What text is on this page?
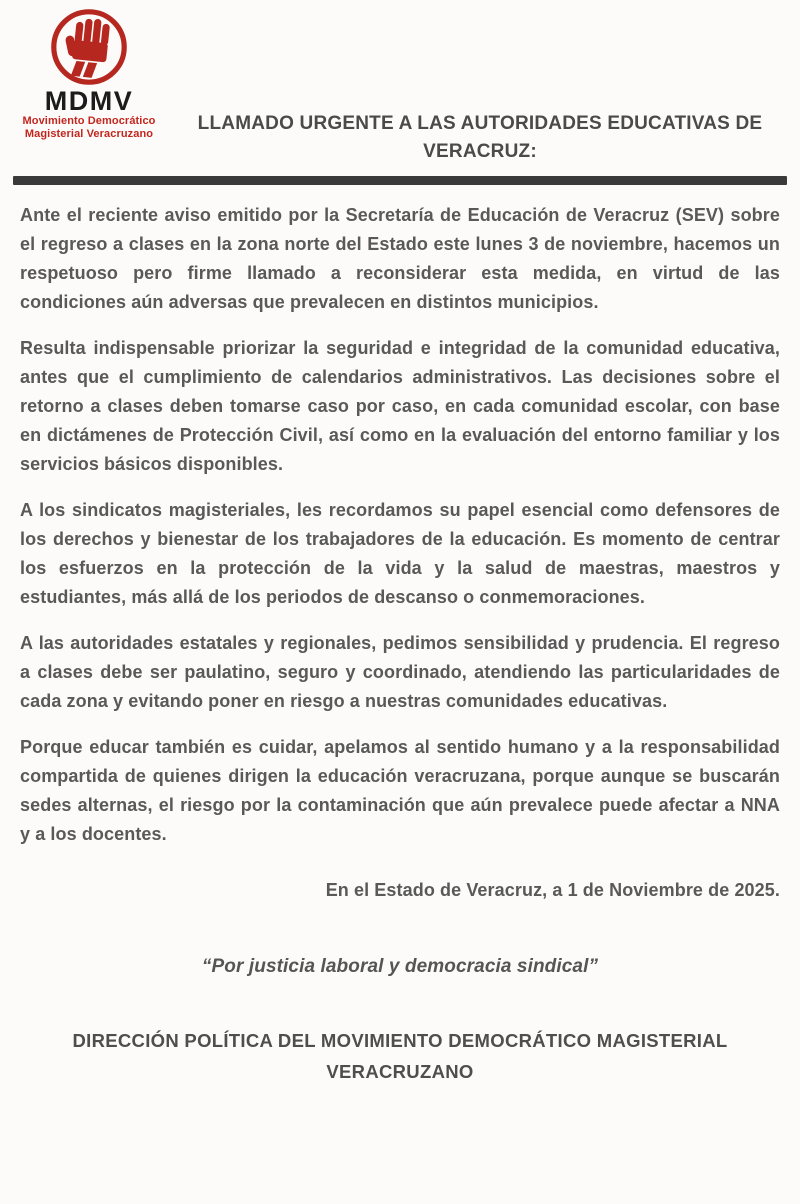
MDMV
Movimiento Democrático
Magisterial Veracruzano	LLAMADO URGENTE A LAS AUTORIDADES EDUCATIVAS DE VERACRUZ:

Ante el reciente aviso emitido por la Secretaría de Educación de Veracruz (SEV) sobre el regreso a clases en la zona norte del Estado este lunes 3 de noviembre, hacemos un respetuoso pero firme llamado a reconsiderar esta medida, en virtud de las condiciones aún adversas que prevalecen en distintos municipios.

Resulta indispensable priorizar la seguridad e integridad de la comunidad educativa, antes que el cumplimiento de calendarios administrativos. Las decisiones sobre el retorno a clases deben tomarse caso por caso, en cada comunidad escolar, con base en dictámenes de Protección Civil, así como en la evaluación del entorno familiar y los servicios básicos disponibles.

A los sindicatos magisteriales, les recordamos su papel esencial como defensores de los derechos y bienestar de los trabajadores de la educación. Es momento de centrar los esfuerzos en la protección de la vida y la salud de maestras, maestros y estudiantes, más allá de los periodos de descanso o conmemoraciones.

A las autoridades estatales y regionales, pedimos sensibilidad y prudencia. El regreso a clases debe ser paulatino, seguro y coordinado, atendiendo las particularidades de cada zona y evitando poner en riesgo a nuestras comunidades educativas.

Porque educar también es cuidar, apelamos al sentido humano y a la responsabilidad compartida de quienes dirigen la educación veracruzana, porque aunque se buscarán sedes alternas, el riesgo por la contaminación que aún prevalece puede afectar a NNA y a los docentes.

En el Estado de Veracruz, a 1 de Noviembre de 2025.

“Por justicia laboral y democracia sindical”

DIRECCIÓN POLÍTICA DEL MOVIMIENTO DEMOCRÁTICO MAGISTERIAL
VERACRUZANO
